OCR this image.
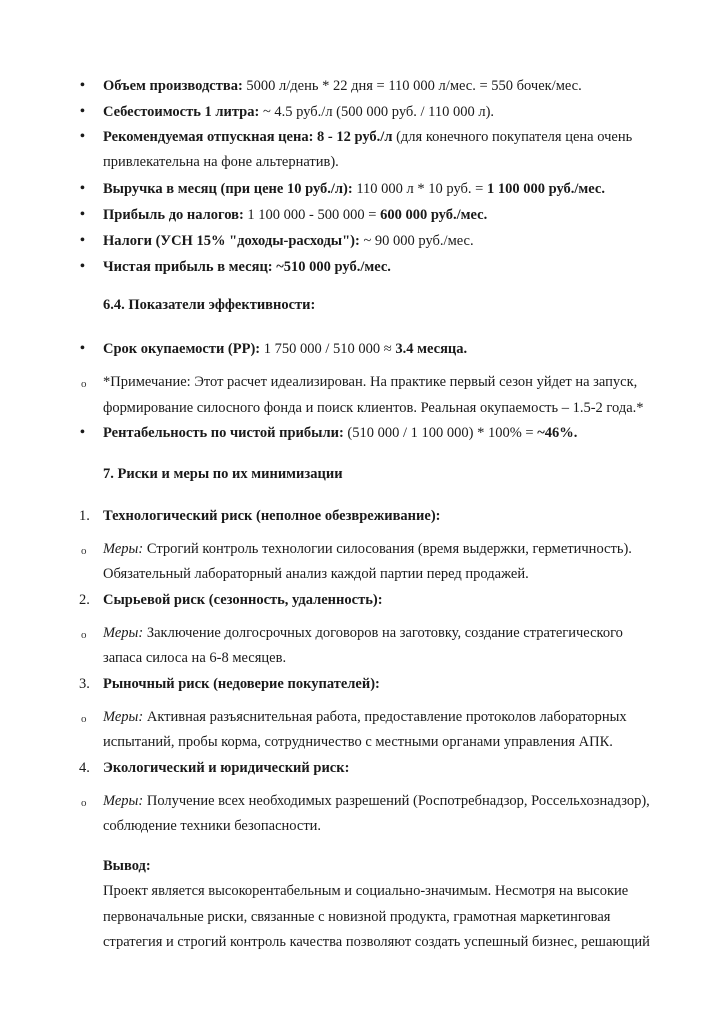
• Объем производства: 5000 л/день * 22 дня = 110 000 л/мес. = 550 бочек/мес.
• Себестоимость 1 литра: ~ 4.5 руб./л (500 000 руб. / 110 000 л).
• Рекомендуемая отпускная цена: 8 - 12 руб./л (для конечного покупателя цена очень
привлекательна на фоне альтернатив).
• Выручка в месяц (при цене 10 руб./л): 110 000 л * 10 руб. = 1 100 000 руб./мес.
• Прибыль до налогов: 1 100 000 - 500 000 = 600 000 руб./мес.
• Налоги (УСН 15% "доходы-расходы"): ~ 90 000 руб./мес.
• Чистая прибыль в месяц: ~510 000 руб./мес.
6.4. Показатели эффективности:
• Срок окупаемости (PP): 1 750 000 / 510 000 ≈ 3.4 месяца.
o *Примечание: Этот расчет идеализирован. На практике первый сезон уйдет на запуск,
формирование силосного фонда и поиск клиентов. Реальная окупаемость – 1.5-2 года.*
• Рентабельность по чистой прибыли: (510 000 / 1 100 000) * 100% = ~46%.
7. Риски и меры по их минимизации
1. Технологический риск (неполное обезвреживание):
o Меры: Строгий контроль технологии силосования (время выдержки, герметичность).
Обязательный лабораторный анализ каждой партии перед продажей.
2. Сырьевой риск (сезонность, удаленность):
o Меры: Заключение долгосрочных договоров на заготовку, создание стратегического
запаса силоса на 6-8 месяцев.
3. Рыночный риск (недоверие покупателей):
o Меры: Активная разъяснительная работа, предоставление протоколов лабораторных
испытаний, пробы корма, сотрудничество с местными органами управления АПК.
4. Экологический и юридический риск:
o Меры: Получение всех необходимых разрешений (Роспотребнадзор, Россельхознадзор),
соблюдение техники безопасности.
Вывод:
Проект является высокорентабельным и социально-значимым. Несмотря на высокие
первоначальные риски, связанные с новизной продукта, грамотная маркетинговая
стратегия и строгий контроль качества позволяют создать успешный бизнес, решающий
